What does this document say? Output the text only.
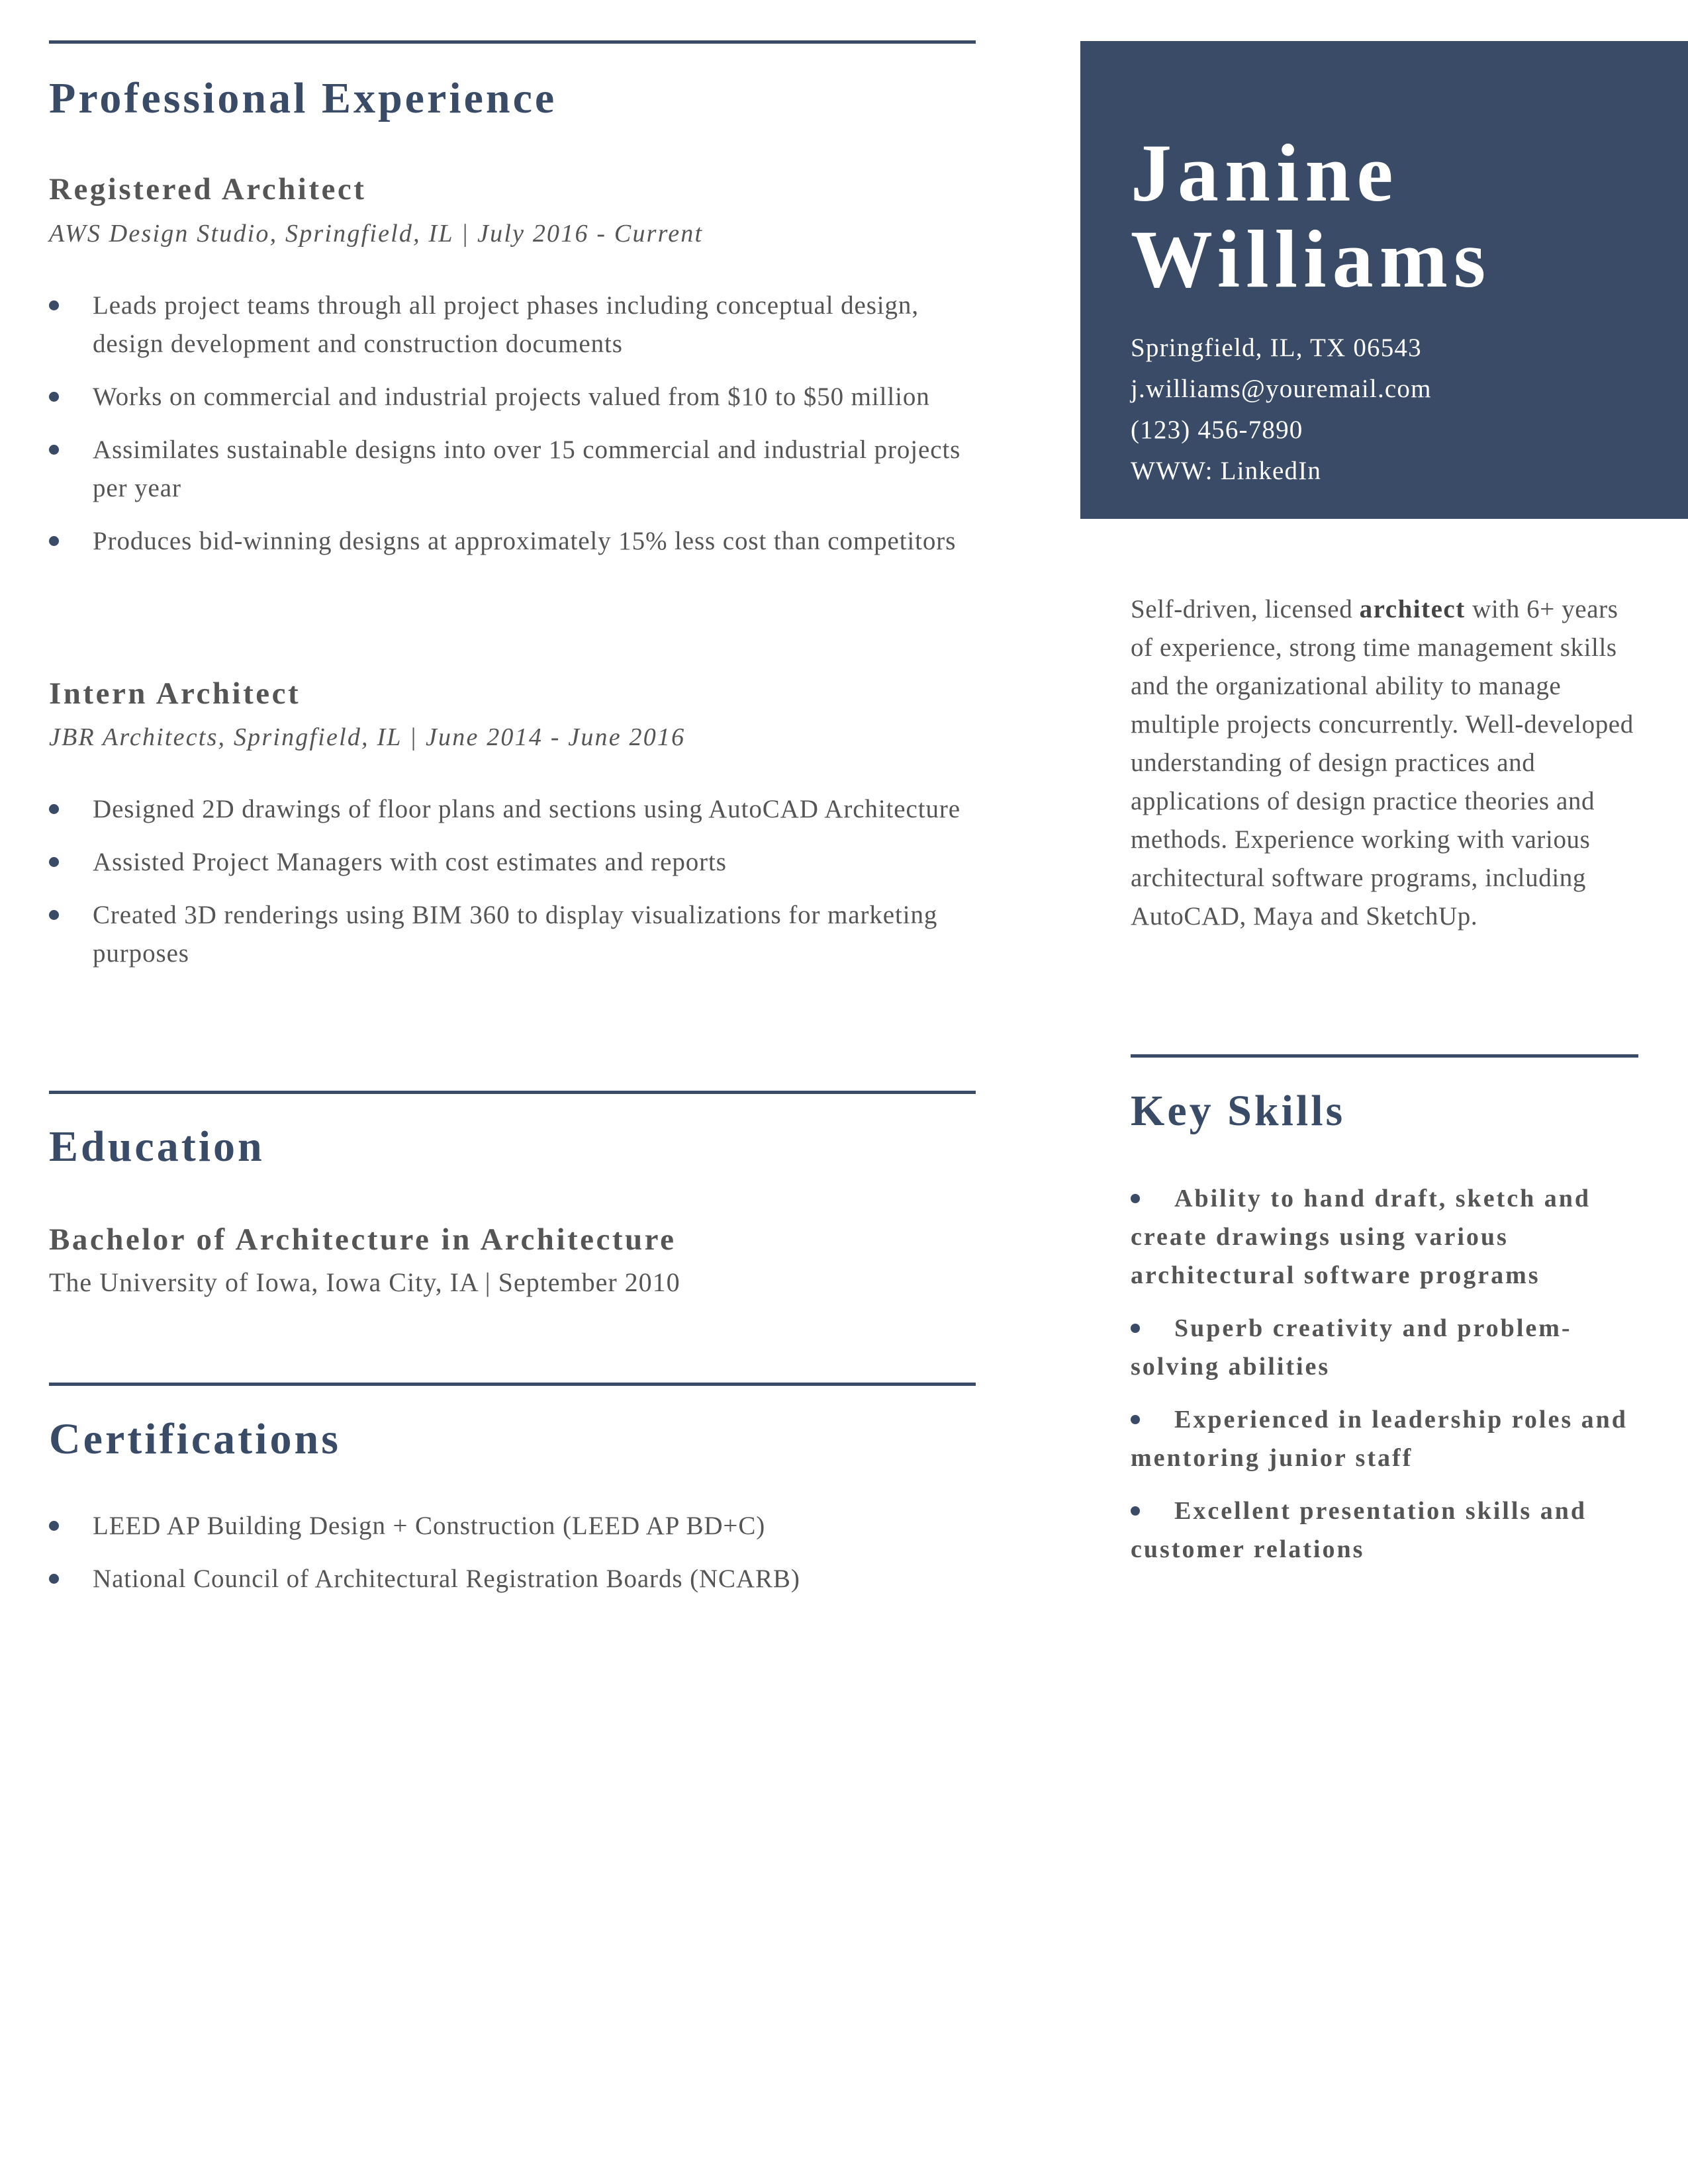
Professional Experience
Registered Architect

AWS Design Studio, Springfield, IL | July 2016 - Current

Leads project teams through all project phases including conceptual design, design development and construction documents
Works on commercial and industrial projects valued from $10 to $50 million
Assimilates sustainable designs into over 15 commercial and industrial projects per year
Produces bid-winning designs at approximately 15% less cost than competitors
Intern Architect

JBR Architects, Springfield, IL | June 2014 - June 2016

Designed 2D drawings of floor plans and sections using AutoCAD Architecture
Assisted Project Managers with cost estimates and reports
Created 3D renderings using BIM 360 to display visualizations for marketing purposes
Education
Bachelor of Architecture in Architecture

The University of Iowa, Iowa City, IA | September 2010

Certifications
LEED AP Building Design + Construction (LEED AP BD+C)
National Council of Architectural Registration Boards (NCARB)
Janine
Williams

Springfield, IL, TX 06543

j.williams@youremail.com

(123) 456-7890

WWW: LinkedIn

Self-driven, licensed architect with 6+ years of experience, strong time management skills and the organizational ability to manage multiple projects concurrently. Well-developed understanding of design practices and applications of design practice theories and methods. Experience working with various architectural software programs, including AutoCAD, Maya and SketchUp.

Key Skills
Ability to hand draft, sketch and create drawings using various architectural software programs
Superb creativity and problem-solving abilities
Experienced in leadership roles and mentoring junior staff
Excellent presentation skills and customer relations
